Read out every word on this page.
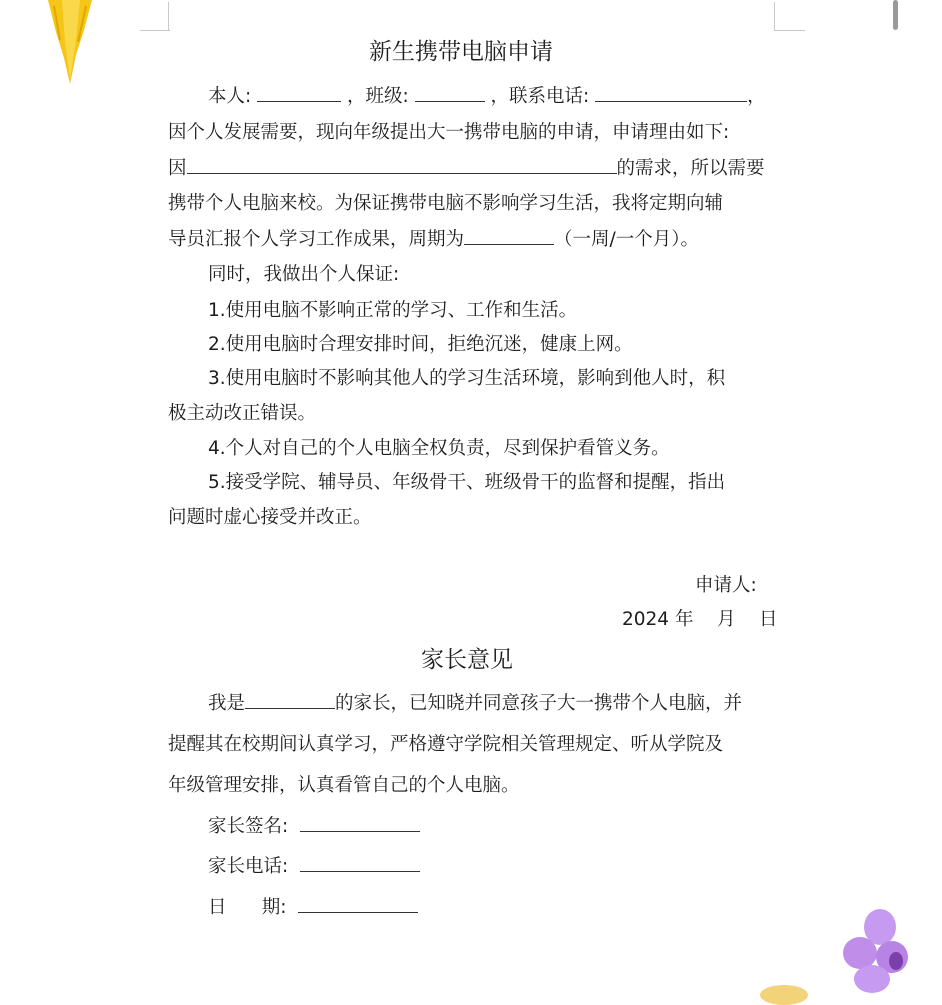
新生携带电脑申请
本人:	，班级:	，联系电话:	，
因个人发展需要，现向年级提出大一携带电脑的申请，申请理由如下:
因	的需求，所以需要
携带个人电脑来校。为保证携带电脑不影响学习生活，我将定期向辅
导员汇报个人学习工作成果，周期为	（一周/一个月）。
同时，我做出个人保证:
1.使用电脑不影响正常的学习、工作和生活。
2.使用电脑时合理安排时间，拒绝沉迷，健康上网。
3.使用电脑时不影响其他人的学习生活环境，影响到他人时，积
极主动改正错误。
4.个人对自己的个人电脑全权负责，尽到保护看管义务。
5.接受学院、辅导员、年级骨干、班级骨干的监督和提醒，指出
问题时虚心接受并改正。
申请人:
2024 年    月    日
家长意见
我是	的家长，已知晓并同意孩子大一携带个人电脑，并
提醒其在校期间认真学习，严格遵守学院相关管理规定、听从学院及
年级管理安排，认真看管自己的个人电脑。
家长签名:
家长电话:
日      期:
